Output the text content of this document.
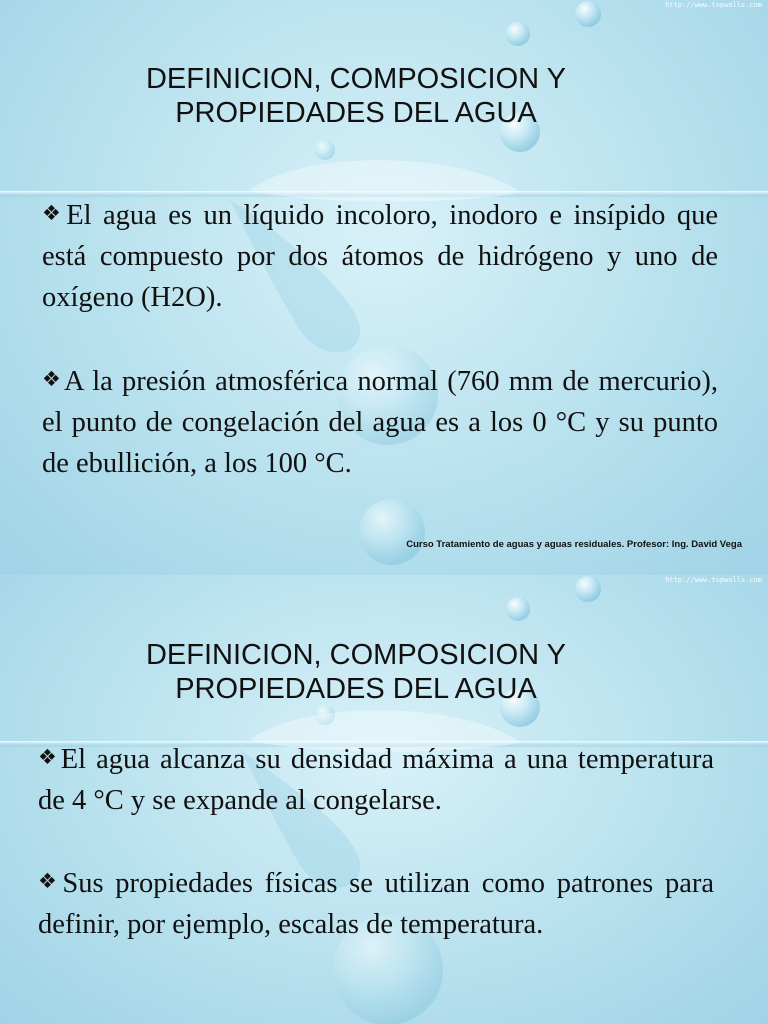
http://www.topwalls.com
DEFINICION, COMPOSICION Y
PROPIEDADES DEL AGUA

❖El agua es un líquido incoloro, inodoro e insípido que está compuesto por dos átomos de hidrógeno y uno de oxígeno (H2O).

❖A la presión atmosférica normal (760 mm de mercurio), el punto de congelación del agua es a los 0 °C y su punto de ebullición, a los 100 °C.

Curso Tratamiento de aguas y aguas residuales. Profesor: Ing. David Vega
http://www.topwalls.com
DEFINICION, COMPOSICION Y
PROPIEDADES DEL AGUA

❖El agua alcanza su densidad máxima a una temperatura de 4 °C y se expande al congelarse.

❖Sus propiedades físicas se utilizan como patrones para definir, por ejemplo, escalas de temperatura.
